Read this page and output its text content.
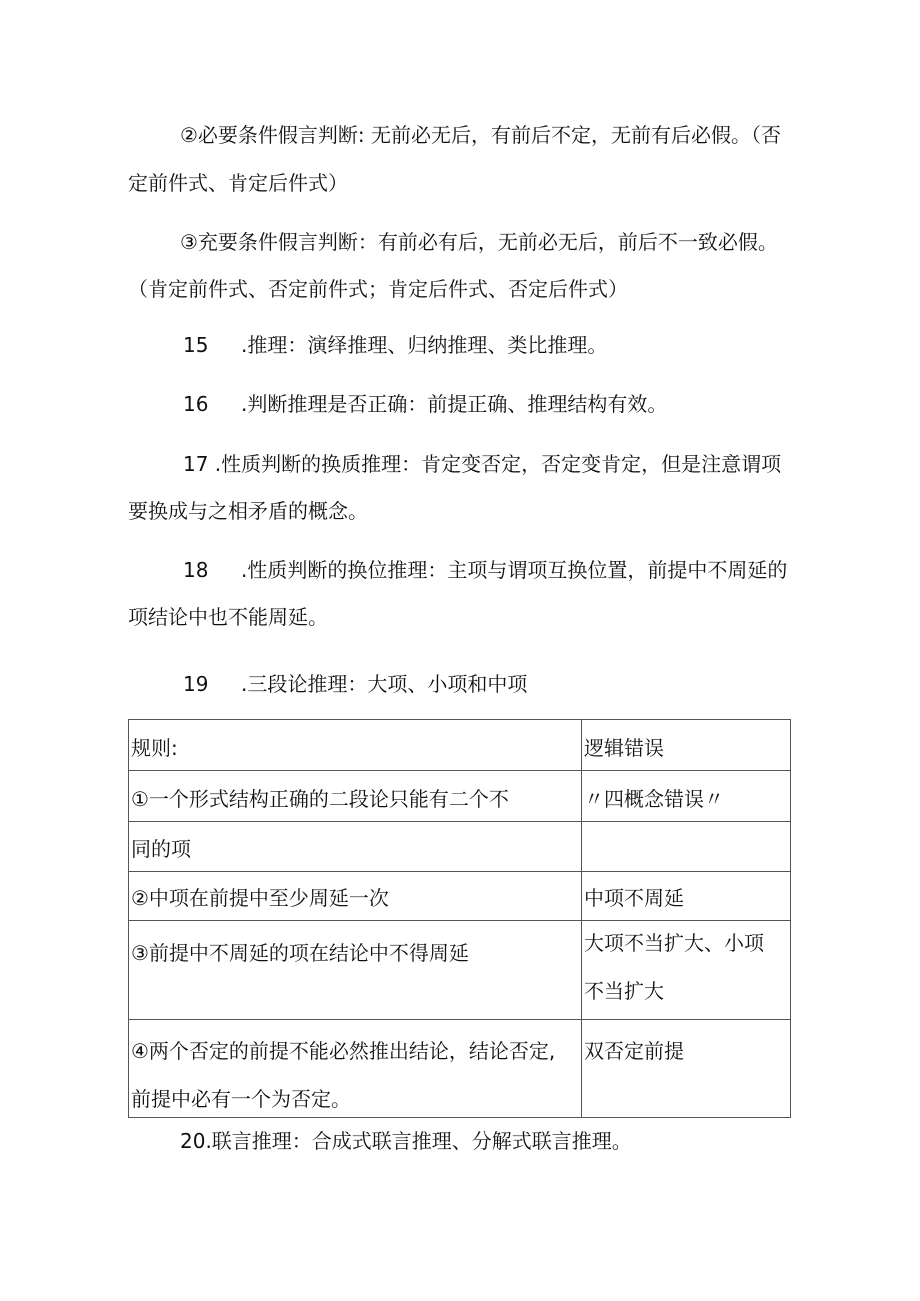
②必要条件假言判断: 无前必无后，有前后不定，无前有后必假。（否
定前件式、肯定后件式）
③充要条件假言判断：有前必有后，无前必无后，前后不一致必假。
（肯定前件式、否定前件式；肯定后件式、否定后件式）
15 .推理：演绎推理、归纳推理、类比推理。
16 .判断推理是否正确：前提正确、推理结构有效。
17 .性质判断的换质推理：肯定变否定，否定变肯定，但是注意谓项
要换成与之相矛盾的概念。
18 .性质判断的换位推理：主项与谓项互换位置，前提中不周延的
项结论中也不能周延。
19 .三段论推理：大项、小项和中项
规则:	逻辑错误
①一个形式结构正确的二段论只能有二个不	〃四概念错误〃
同的项	
②中项在前提中至少周延一次	中项不周延
③前提中不周延的项在结论中不得周延	大项不当扩大、小项
不当扩大

④两个否定的前提不能必然推出结论，结论否定,
前提中必有一个为否定。	双否定前提
20.联言推理：合成式联言推理、分解式联言推理。
